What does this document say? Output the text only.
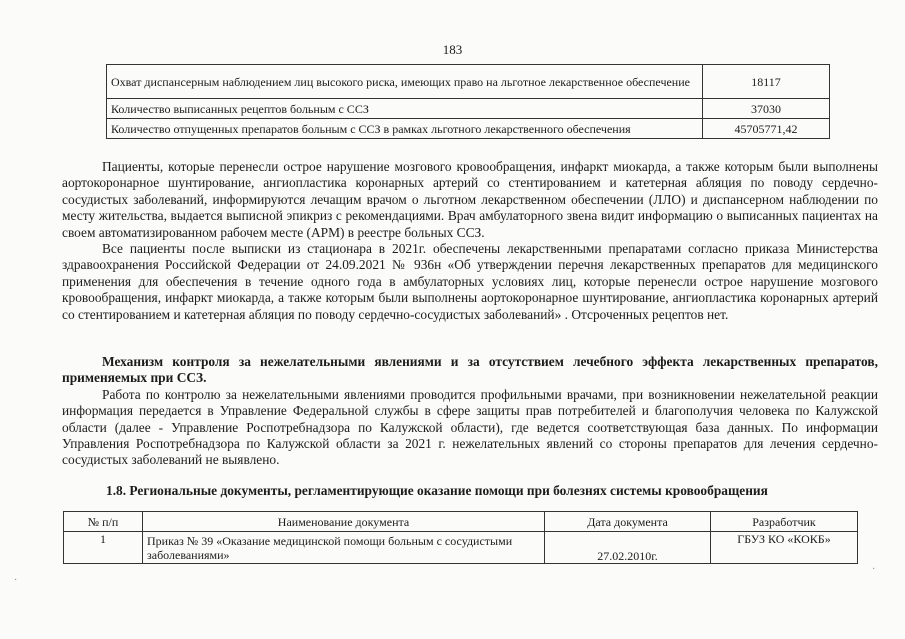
183
Охват диспансерным наблюдением лиц высокого риска, имеющих право на льготное лекарственное обеспечение	18117
Количество выписанных рецептов больным с ССЗ	37030
Количество отпущенных препаратов больным с ССЗ в рамках льготного лекарственного обеспечения	45705771,42

Пациенты, которые перенесли острое нарушение мозгового кровообращения, инфаркт миокарда, а также которым были выполнены аортокоронарное шунтирование, ангиопластика коронарных артерий со стентированием и катетерная абляция по поводу сердечно-сосудистых заболеваний, информируются лечащим врачом о льготном лекарственном обеспечении (ЛЛО) и диспансерном наблюдении по месту жительства, выдается выписной эпикриз с рекомендациями. Врач амбулаторного звена видит информацию о выписанных пациентах на своем автоматизированном рабочем месте (АРМ) в реестре больных ССЗ.

Все пациенты после выписки из стационара в 2021г. обеспечены лекарственными препаратами согласно приказа Министерства здравоохранения Российской Федерации от 24.09.2021 № 936н «Об утверждении перечня лекарственных препаратов для медицинского применения для обеспечения в течение одного года в амбулаторных условиях лиц, которые перенесли острое нарушение мозгового кровообращения, инфаркт миокарда, а также которым были выполнены аортокоронарное шунтирование, ангиопластика коронарных артерий со стентированием и катетерная абляция по поводу сердечно-сосудистых заболеваний» . Отсроченных рецептов нет.

Механизм контроля за нежелательными явлениями и за отсутствием лечебного эффекта лекарственных препаратов, применяемых при ССЗ.

Работа по контролю за нежелательными явлениями проводится профильными врачами, при возникновении нежелательной реакции информация передается в Управление Федеральной службы в сфере защиты прав потребителей и благополучия человека по Калужской области (далее - Управление Роспотребнадзора по Калужской области), где ведется соответствующая база данных. По информации Управления Роспотребнадзора по Калужской области за 2021 г. нежелательных явлений со стороны препаратов для лечения сердечно-сосудистых заболеваний не выявлено.

1.8. Региональные документы, регламентирующие оказание помощи при болезнях системы кровообращения
№ п/п	Наименование документа	Дата документа	Разработчик
1	Приказ № 39 «Оказание медицинской помощи больным с сосудистыми заболеваниями»	27.02.2010г.	ГБУЗ КО «КОКБ»
·
·
